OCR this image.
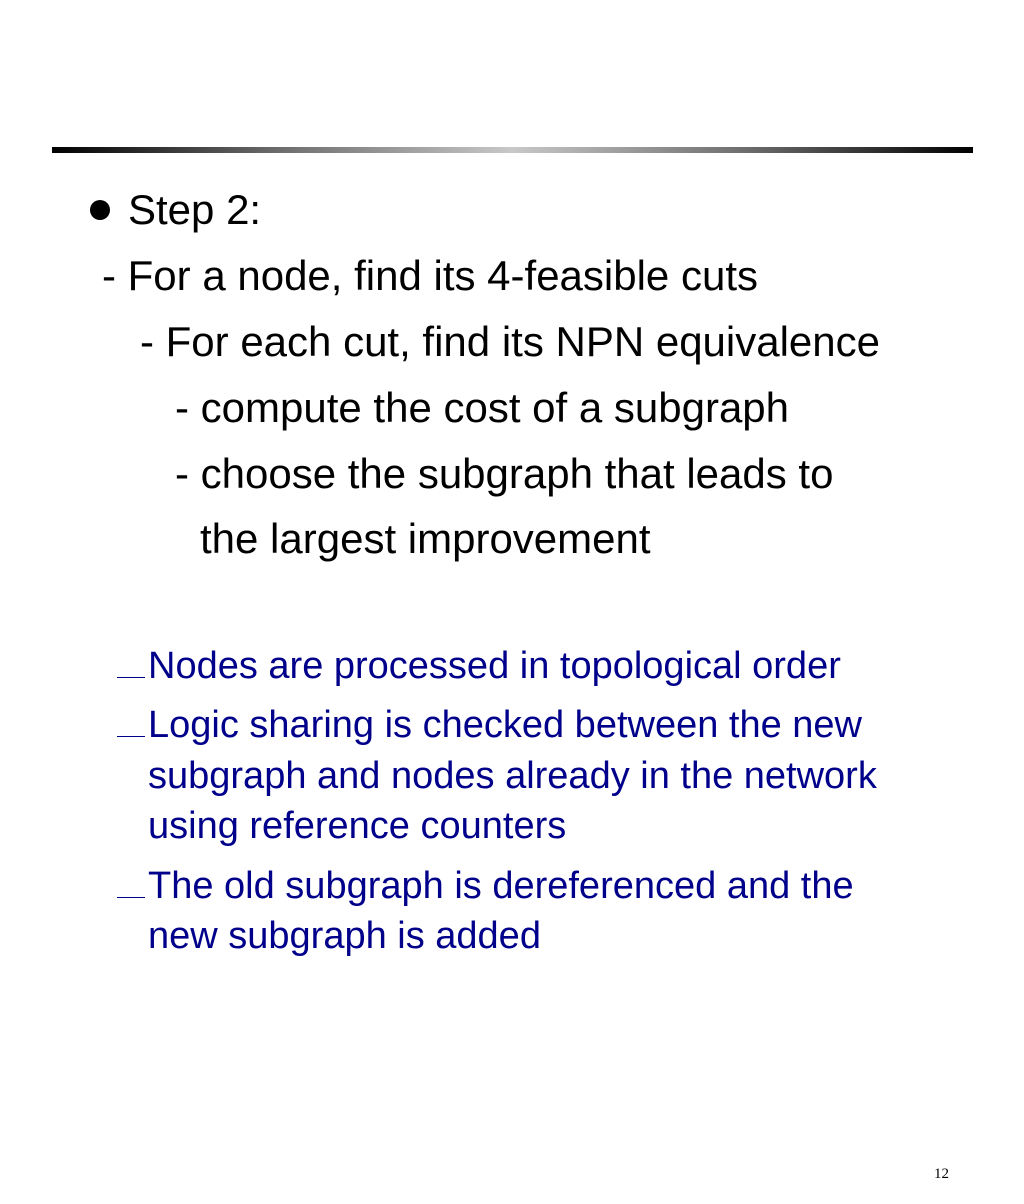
Step 2:
- For a node, find its 4-feasible cuts
- For each cut, find its NPN equivalence
- compute the cost of a subgraph
- choose the subgraph that leads to
the largest improvement
Nodes are processed in topological order
Logic sharing is checked between the new
subgraph and nodes already in the network
using reference counters
The old subgraph is dereferenced and the
new subgraph is added
12
